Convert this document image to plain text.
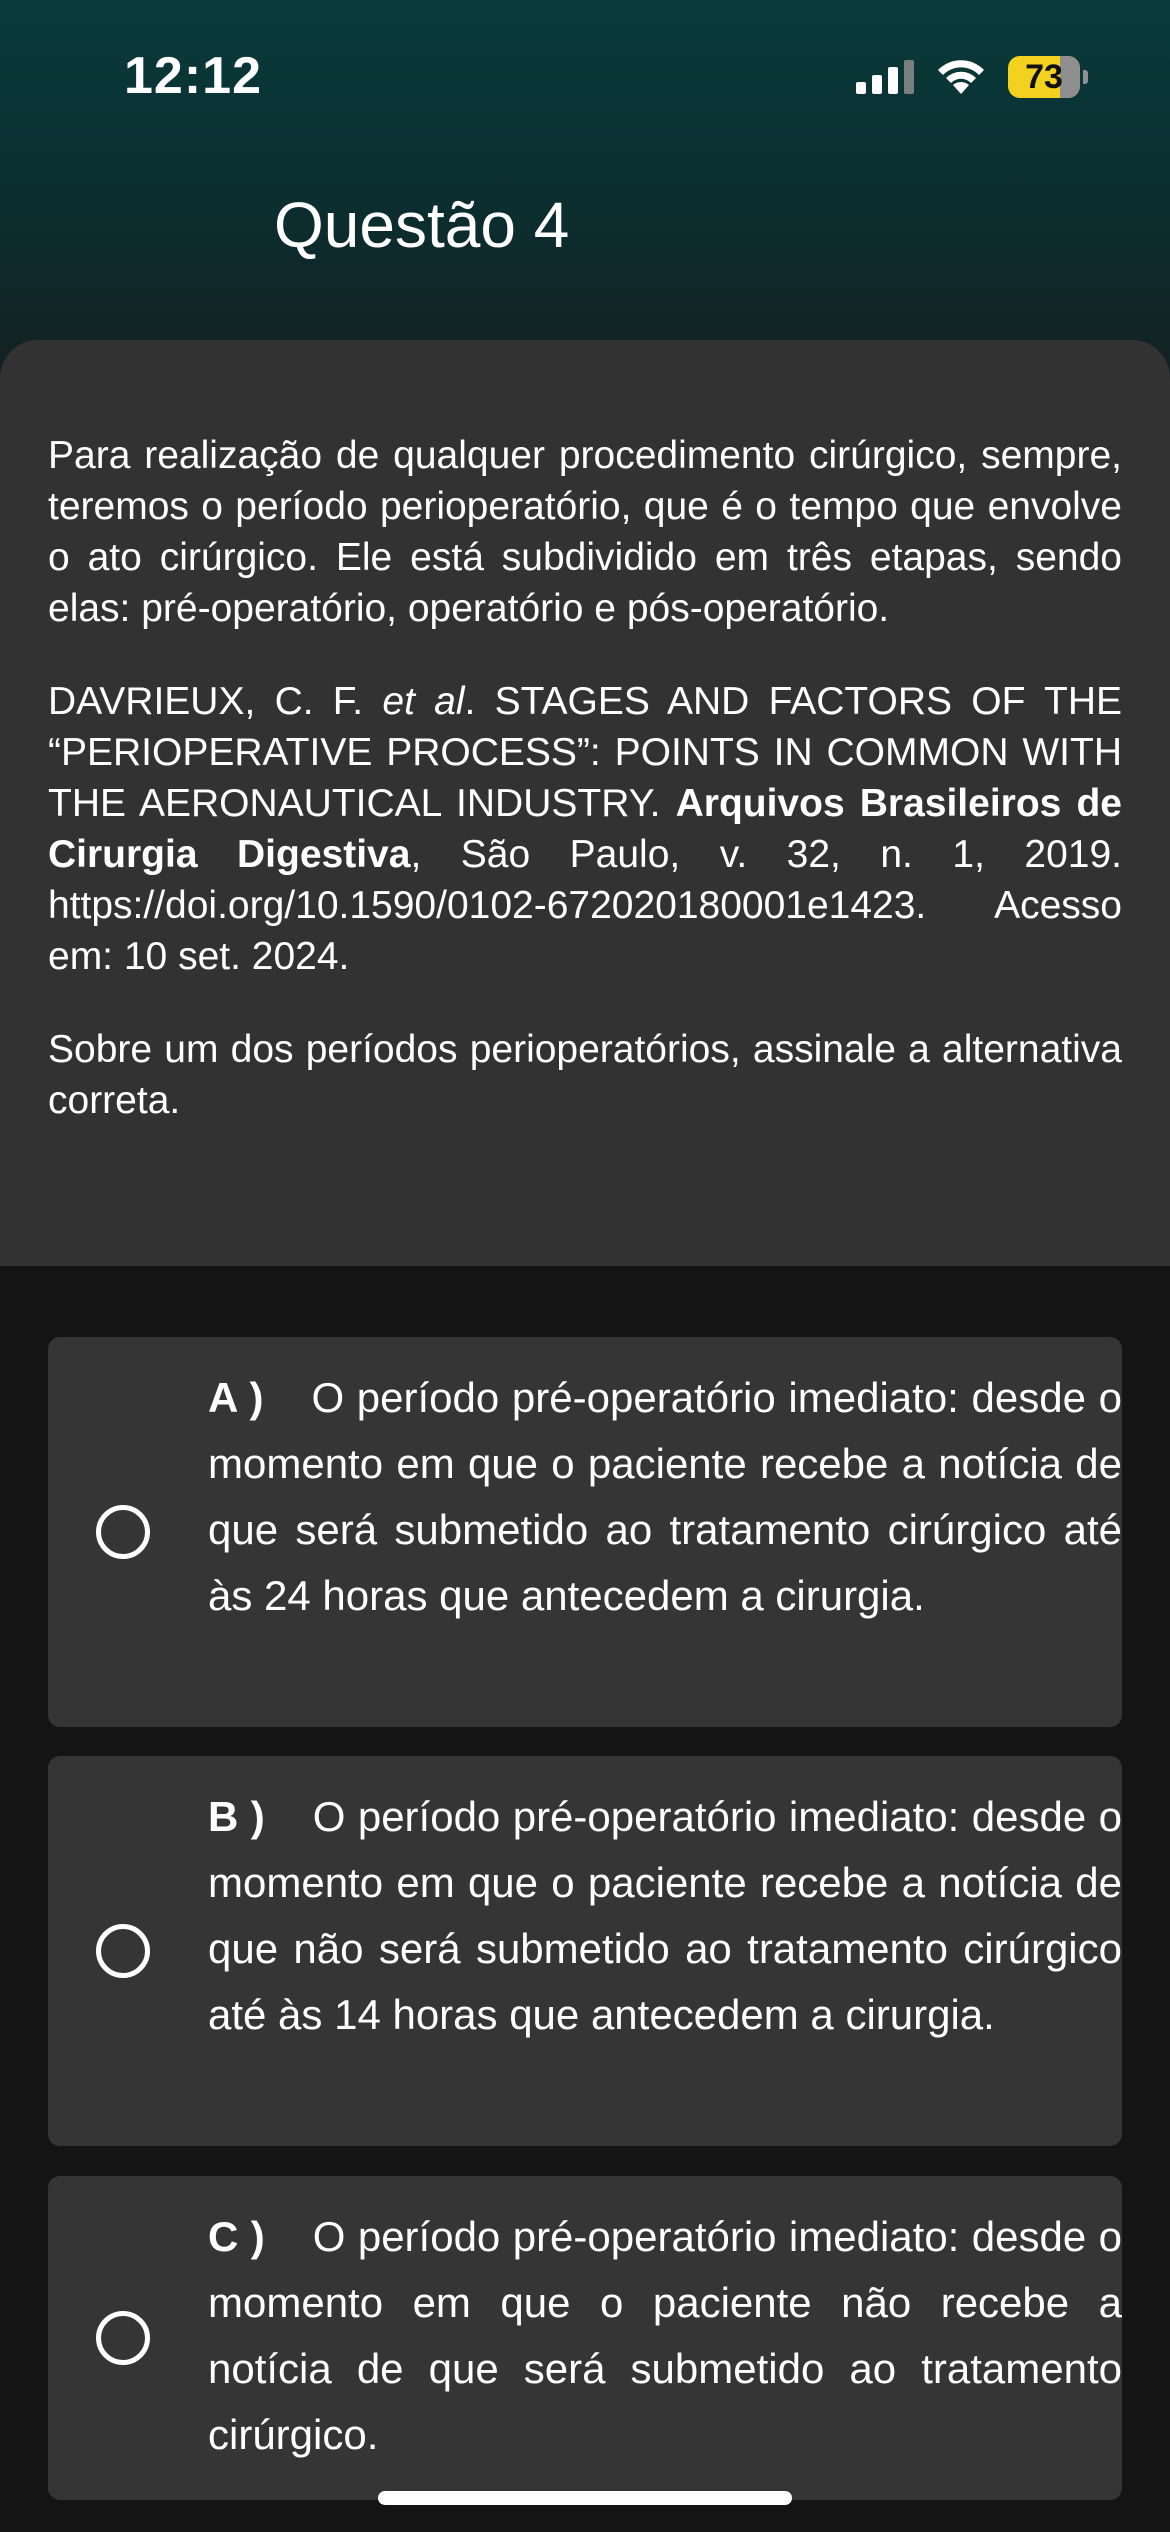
12:12	73
Questão 4

Para realização de qualquer procedimento cirúrgico, sempre, teremos o período perioperatório, que é o tempo que envolve o ato cirúrgico. Ele está subdividido em três etapas, sendo elas: pré-operatório, operatório e pós-operatório.

DAVRIEUX, C. F. et al. STAGES AND FACTORS OF THE “PERIOPERATIVE PROCESS”: POINTS IN COMMON WITH THE AERONAUTICAL INDUSTRY. Arquivos Brasileiros de Cirurgia Digestiva, São Paulo, v. 32, n. 1, 2019. https://doi.org/10.1590/0102-672020180001e1423. Acesso em: 10 set. 2024.

Sobre um dos períodos perioperatórios, assinale a alternativa correta.

A ) O período pré-operatório imediato: desde o momento em que o paciente recebe a notícia de que será submetido ao tratamento cirúrgico até às 24 horas que antecedem a cirurgia.
B ) O período pré-operatório imediato: desde o momento em que o paciente recebe a notícia de que não será submetido ao tratamento cirúrgico até às 14 horas que antecedem a cirurgia.
C ) O período pré-operatório imediato: desde o momento em que o paciente não recebe a notícia de que será submetido ao tratamento cirúrgico.
